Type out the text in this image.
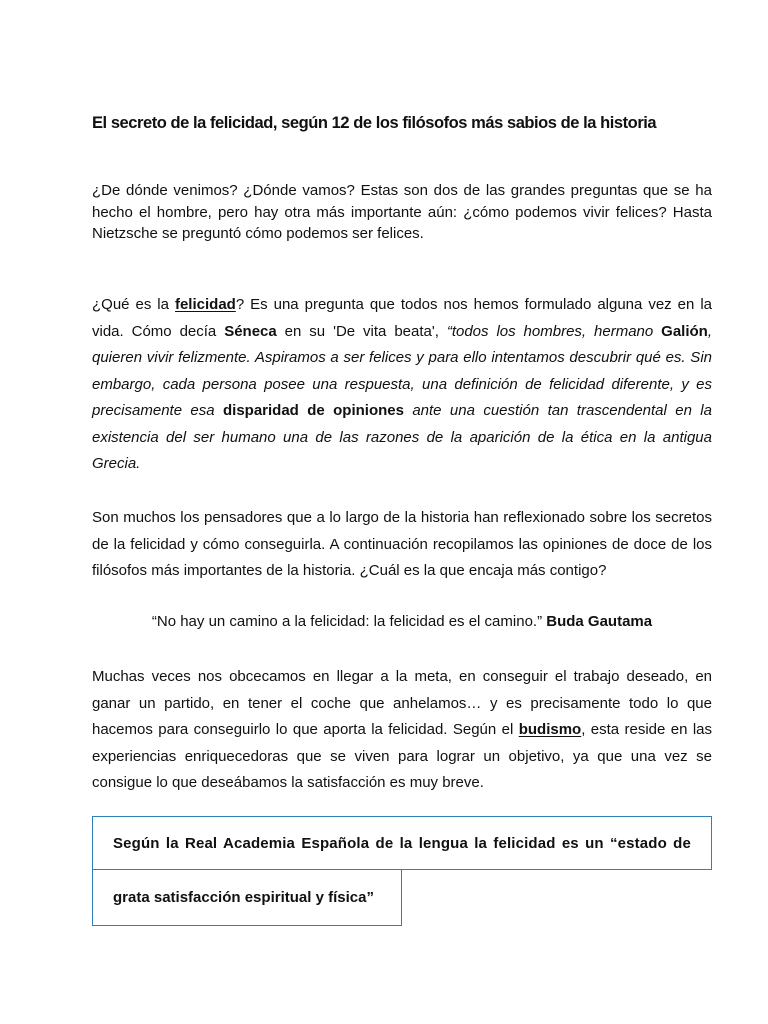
El secreto de la felicidad, según 12 de los filósofos más sabios de la historia
¿De dónde venimos? ¿Dónde vamos? Estas son dos de las grandes preguntas que se ha hecho el hombre, pero hay otra más importante aún: ¿cómo podemos vivir felices? Hasta Nietzsche se preguntó cómo podemos ser felices.
¿Qué es la felicidad? Es una pregunta que todos nos hemos formulado alguna vez en la vida. Cómo decía Séneca en su 'De vita beata', “todos los hombres, hermano Galión, quieren vivir felizmente. Aspiramos a ser felices y para ello intentamos descubrir qué es. Sin embargo, cada persona posee una respuesta, una definición de felicidad diferente, y es precisamente esa disparidad de opiniones ante una cuestión tan trascendental en la existencia del ser humano una de las razones de la aparición de la ética en la antigua Grecia.
Son muchos los pensadores que a lo largo de la historia han reflexionado sobre los secretos de la felicidad y cómo conseguirla. A continuación recopilamos las opiniones de doce de los filósofos más importantes de la historia. ¿Cuál es la que encaja más contigo?
“No hay un camino a la felicidad: la felicidad es el camino.” Buda Gautama
Muchas veces nos obcecamos en llegar a la meta, en conseguir el trabajo deseado, en ganar un partido, en tener el coche que anhelamos… y es precisamente todo lo que hacemos para conseguirlo lo que aporta la felicidad. Según el budismo, esta reside en las experiencias enriquecedoras que se viven para lograr un objetivo, ya que una vez se consigue lo que deseábamos la satisfacción es muy breve.
Según la Real Academia Española de la lengua la felicidad es un “estado de
grata satisfacción espiritual y física”
